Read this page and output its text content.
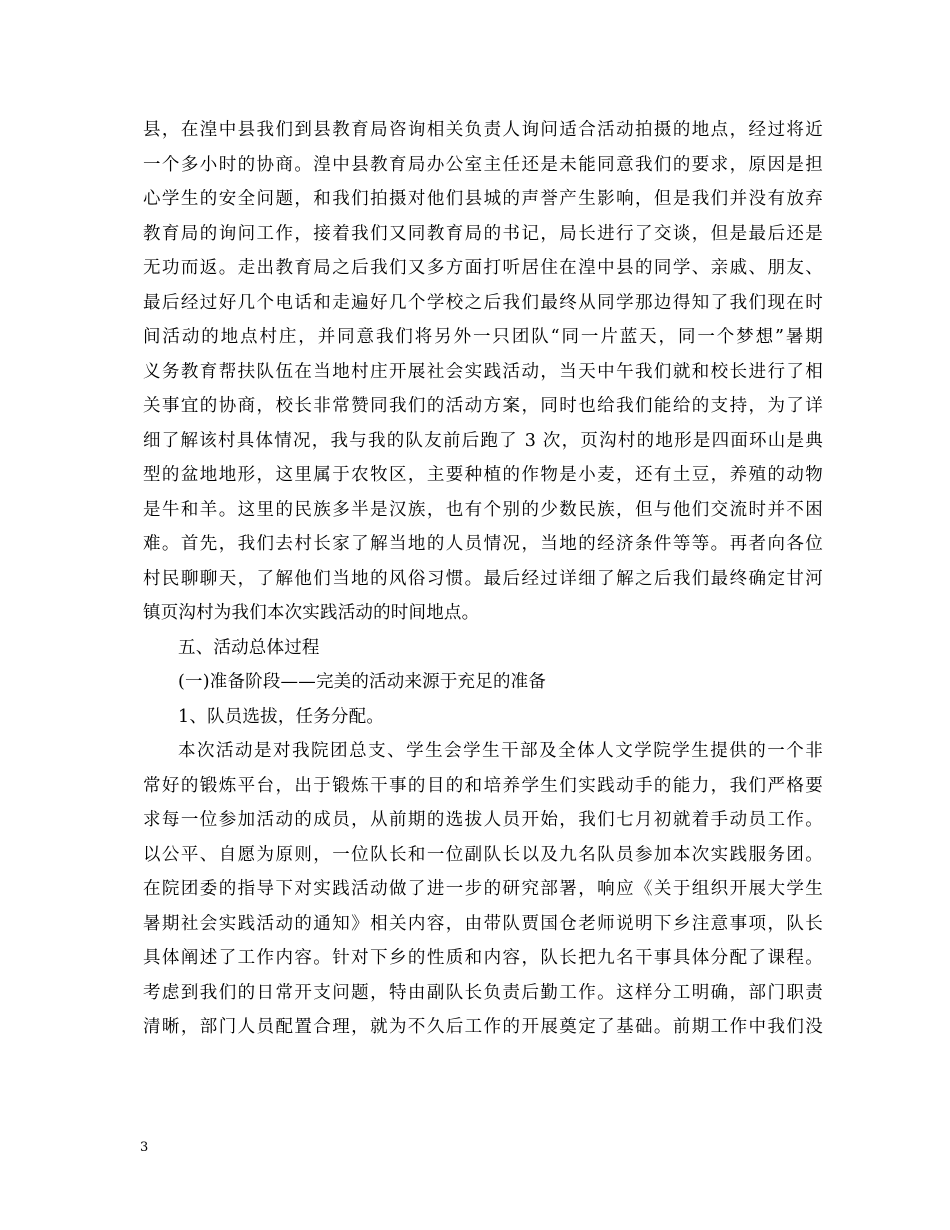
县，在湟中县我们到县教育局咨询相关负责人询问适合活动拍摄的地点，经过将近
一个多小时的协商。湟中县教育局办公室主任还是未能同意我们的要求，原因是担
心学生的安全问题，和我们拍摄对他们县城的声誉产生影响，但是我们并没有放弃
教育局的询问工作，接着我们又同教育局的书记，局长进行了交谈，但是最后还是
无功而返。走出教育局之后我们又多方面打听居住在湟中县的同学、亲戚、朋友、
最后经过好几个电话和走遍好几个学校之后我们最终从同学那边得知了我们现在时
间活动的地点村庄，并同意我们将另外一只团队“同一片蓝天，同一个梦想”暑期
义务教育帮扶队伍在当地村庄开展社会实践活动，当天中午我们就和校长进行了相
关事宜的协商，校长非常赞同我们的活动方案，同时也给我们能给的支持，为了详
细了解该村具体情况，我与我的队友前后跑了 3 次，页沟村的地形是四面环山是典
型的盆地地形，这里属于农牧区，主要种植的作物是小麦，还有土豆，养殖的动物
是牛和羊。这里的民族多半是汉族，也有个别的少数民族，但与他们交流时并不困
难。首先，我们去村长家了解当地的人员情况，当地的经济条件等等。再者向各位
村民聊聊天，了解他们当地的风俗习惯。最后经过详细了解之后我们最终确定甘河
镇页沟村为我们本次实践活动的时间地点。
五、活动总体过程
(一)准备阶段——完美的活动来源于充足的准备
1、队员选拔，任务分配。
本次活动是对我院团总支、学生会学生干部及全体人文学院学生提供的一个非
常好的锻炼平台，出于锻炼干事的目的和培养学生们实践动手的能力，我们严格要
求每一位参加活动的成员，从前期的选拔人员开始，我们七月初就着手动员工作。
以公平、自愿为原则，一位队长和一位副队长以及九名队员参加本次实践服务团。
在院团委的指导下对实践活动做了进一步的研究部署，响应《关于组织开展大学生
暑期社会实践活动的通知》相关内容，由带队贾国仓老师说明下乡注意事项，队长
具体阐述了工作内容。针对下乡的性质和内容，队长把九名干事具体分配了课程。
考虑到我们的日常开支问题，特由副队长负责后勤工作。这样分工明确，部门职责
清晰，部门人员配置合理，就为不久后工作的开展奠定了基础。前期工作中我们没
3
